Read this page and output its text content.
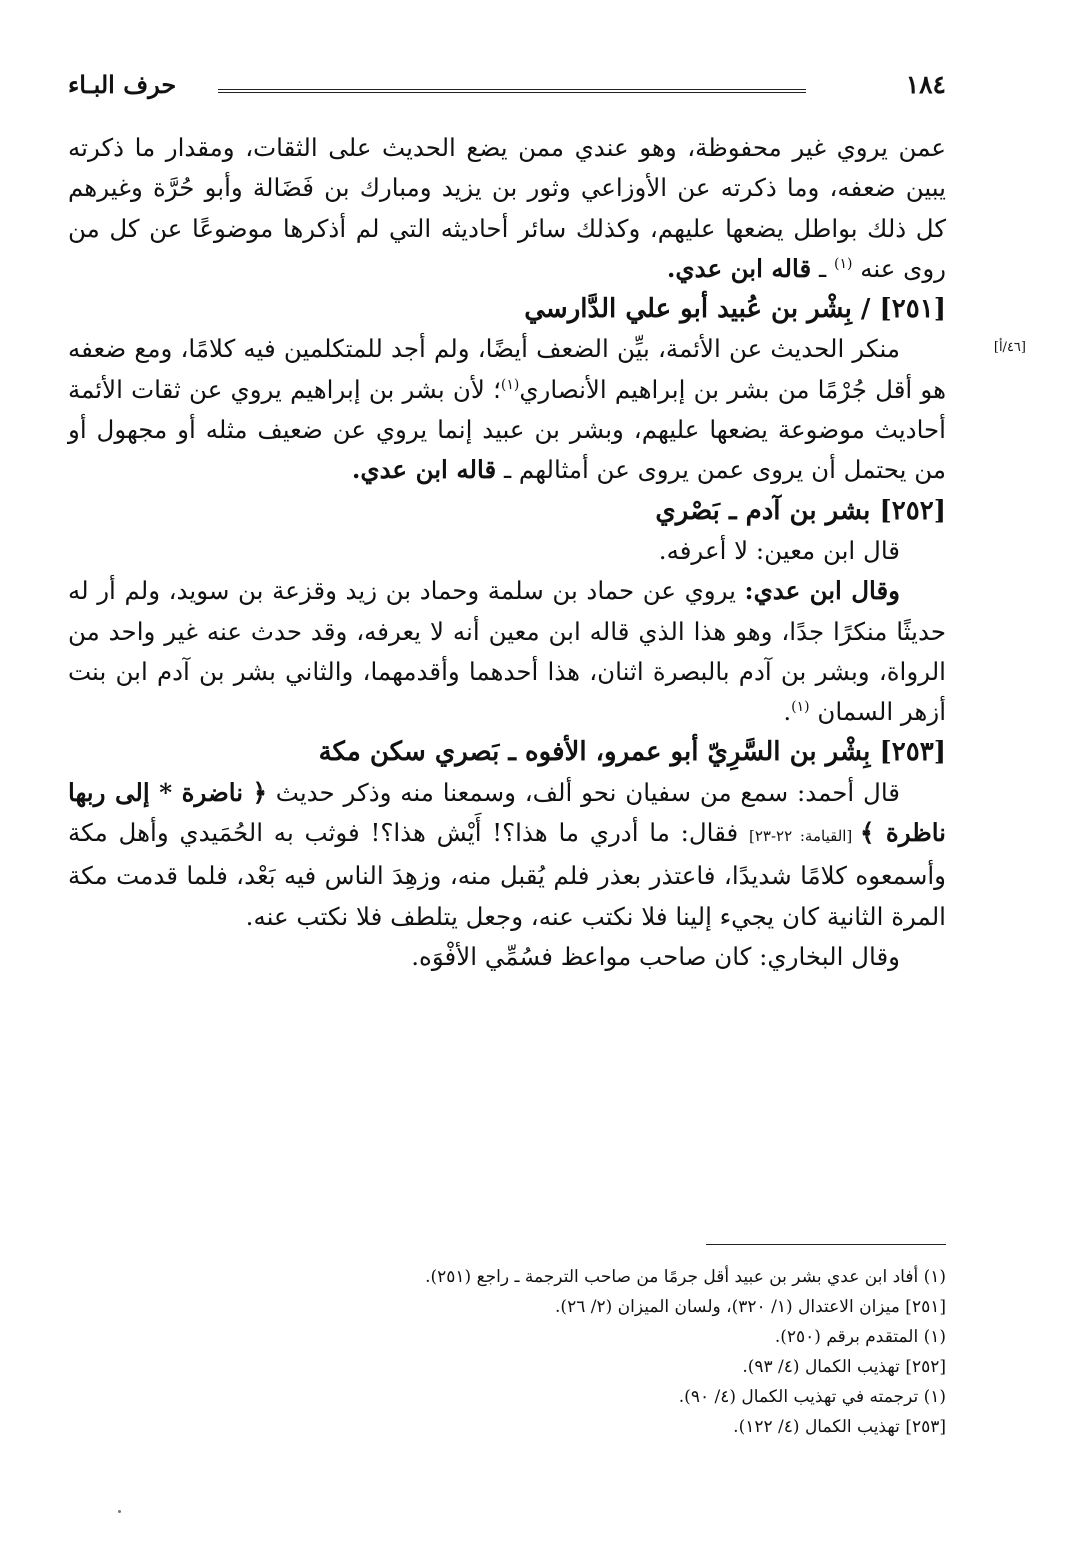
١٨٤
حرف البـاء
[٤٦/أ]

عمن يروي غير محفوظة، وهو عندي ممن يضع الحديث على الثقات، ومقدار ما ذكرته يبين ضعفه، وما ذكرته عن الأوزاعي وثور بن يزيد ومبارك بن فَضَالة وأبو حُرَّة وغيرهم كل ذلك بواطل يضعها عليهم، وكذلك سائر أحاديثه التي لم أذكرها موضوعًا عن كل من روى عنه $^{(١)}$ ـ قاله ابن عدي.

[٢٥١] / بِشْر بن عُبيد أبو علي الدَّارسي

منكر الحديث عن الأئمة، بيِّن الضعف أيضًا، ولم أجد للمتكلمين فيه كلامًا، ومع ضعفه هو أقل جُرْمًا من بشر بن إبراهيم الأنصاري$^{(١)}$؛ لأن بشر بن إبراهيم يروي عن ثقات الأئمة أحاديث موضوعة يضعها عليهم، وبشر بن عبيد إنما يروي عن ضعيف مثله أو مجهول أو من يحتمل أن يروى عمن يروى عن أمثالهم ـ قاله ابن عدي.

[٢٥٢] بشر بن آدم ـ بَصْري

قال ابن معين: لا أعرفه.

وقال ابن عدي: يروي عن حماد بن سلمة وحماد بن زيد وقزعة بن سويد، ولم أر له حديثًا منكرًا جدًا، وهو هذا الذي قاله ابن معين أنه لا يعرفه، وقد حدث عنه غير واحد من الرواة، وبشر بن آدم بالبصرة اثنان، هذا أحدهما وأقدمهما، والثاني بشر بن آدم ابن بنت أزهر السمان $^{(١)}$.

[٢٥٣] بِشْر بن السَّرِيّ أبو عمرو، الأفوه ـ بَصري سكن مكة

قال أحمد: سمع من سفيان نحو ألف، وسمعنا منه وذكر حديث ﴿ ناضرة * إلى ربها ناظرة ﴾ [القيامة: ٢٢-٢٣] فقال: ما أدري ما هذا؟! أَيْش هذا؟! فوثب به الحُمَيدي وأهل مكة وأسمعوه كلامًا شديدًا، فاعتذر بعذر فلم يُقبل منه، وزهِدَ الناس فيه بَعْد، فلما قدمت مكة المرة الثانية كان يجيء إلينا فلا نكتب عنه، وجعل يتلطف فلا نكتب عنه.

وقال البخاري: كان صاحب مواعظ فسُمِّي الأفْوَه.

(١) أفاد ابن عدي بشر بن عبيد أقل جرمًا من صاحب الترجمة ـ راجع (٢٥١).

[٢٥١] ميزان الاعتدال (١/ ٣٢٠)، ولسان الميزان (٢/ ٢٦).

(١) المتقدم برقم (٢٥٠).

[٢٥٢] تهذيب الكمال (٤/ ٩٣).

(١) ترجمته في تهذيب الكمال (٤/ ٩٠).

[٢٥٣] تهذيب الكمال (٤/ ١٢٢).
